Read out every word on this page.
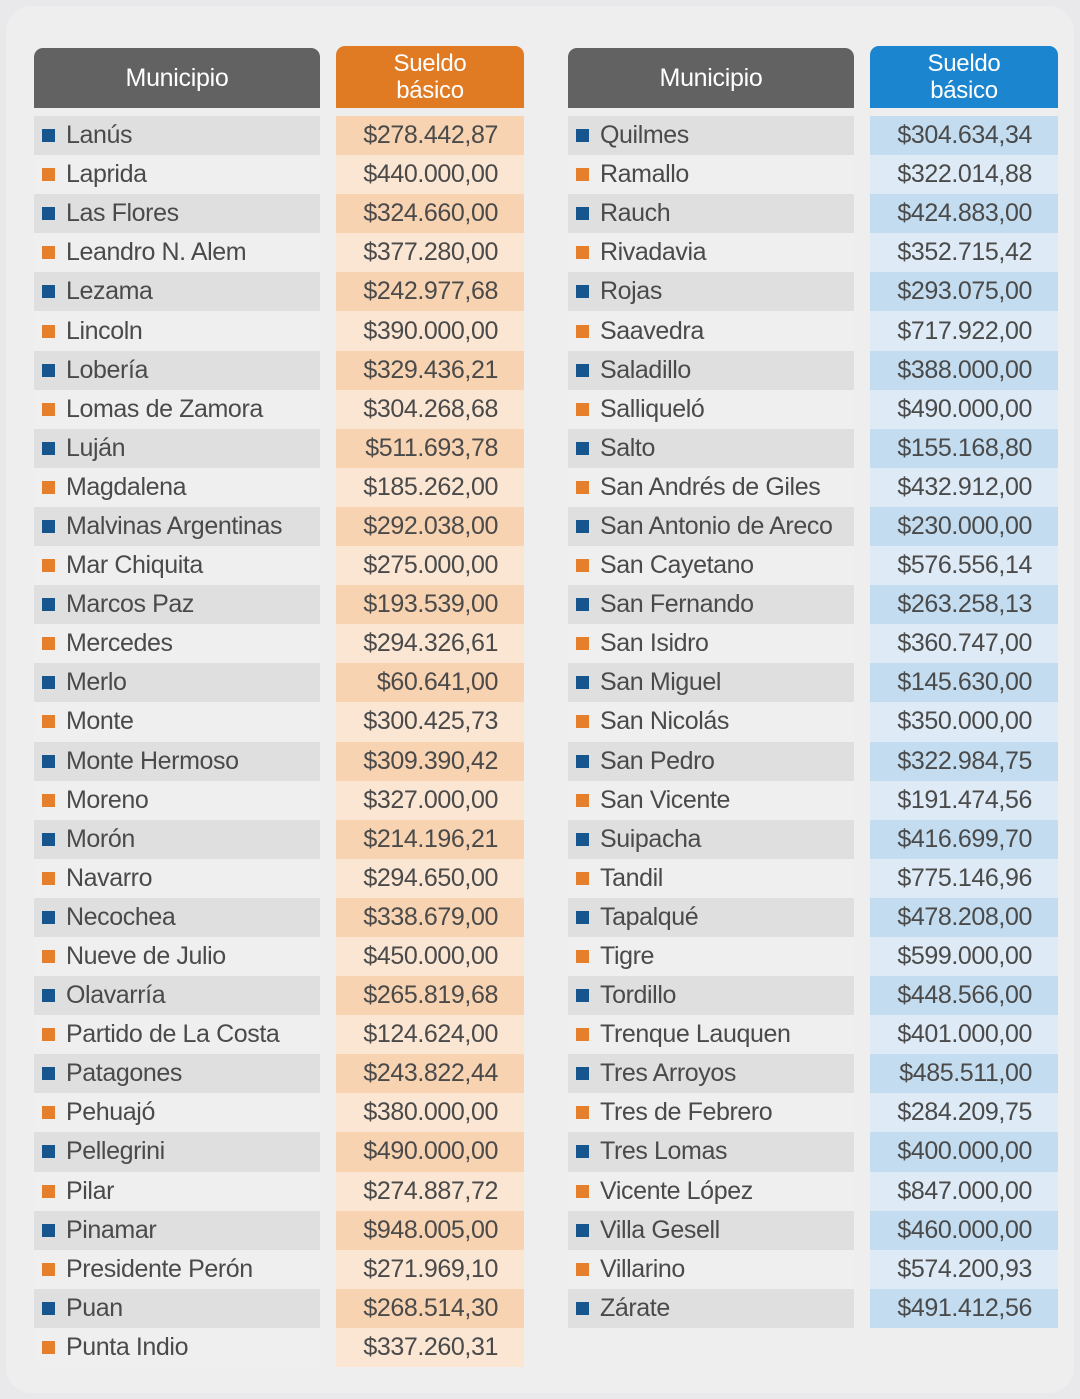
Municipio	Sueldo básico
Lanús	$278.442,87
Laprida	$440.000,00
Las Flores	$324.660,00
Leandro N. Alem	$377.280,00
Lezama	$242.977,68
Lincoln	$390.000,00
Lobería	$329.436,21
Lomas de Zamora	$304.268,68
Luján	$511.693,78
Magdalena	$185.262,00
Malvinas Argentinas	$292.038,00
Mar Chiquita	$275.000,00
Marcos Paz	$193.539,00
Mercedes	$294.326,61
Merlo	$60.641,00
Monte	$300.425,73
Monte Hermoso	$309.390,42
Moreno	$327.000,00
Morón	$214.196,21
Navarro	$294.650,00
Necochea	$338.679,00
Nueve de Julio	$450.000,00
Olavarría	$265.819,68
Partido de La Costa	$124.624,00
Patagones	$243.822,44
Pehuajó	$380.000,00
Pellegrini	$490.000,00
Pilar	$274.887,72
Pinamar	$948.005,00
Presidente Perón	$271.969,10
Puan	$268.514,30
Punta Indio	$337.260,31
Municipio	Sueldo básico
Quilmes	$304.634,34
Ramallo	$322.014,88
Rauch	$424.883,00
Rivadavia	$352.715,42
Rojas	$293.075,00
Saavedra	$717.922,00
Saladillo	$388.000,00
Salliqueló	$490.000,00
Salto	$155.168,80
San Andrés de Giles	$432.912,00
San Antonio de Areco	$230.000,00
San Cayetano	$576.556,14
San Fernando	$263.258,13
San Isidro	$360.747,00
San Miguel	$145.630,00
San Nicolás	$350.000,00
San Pedro	$322.984,75
San Vicente	$191.474,56
Suipacha	$416.699,70
Tandil	$775.146,96
Tapalqué	$478.208,00
Tigre	$599.000,00
Tordillo	$448.566,00
Trenque Lauquen	$401.000,00
Tres Arroyos	$485.511,00
Tres de Febrero	$284.209,75
Tres Lomas	$400.000,00
Vicente López	$847.000,00
Villa Gesell	$460.000,00
Villarino	$574.200,93
Zárate	$491.412,56
